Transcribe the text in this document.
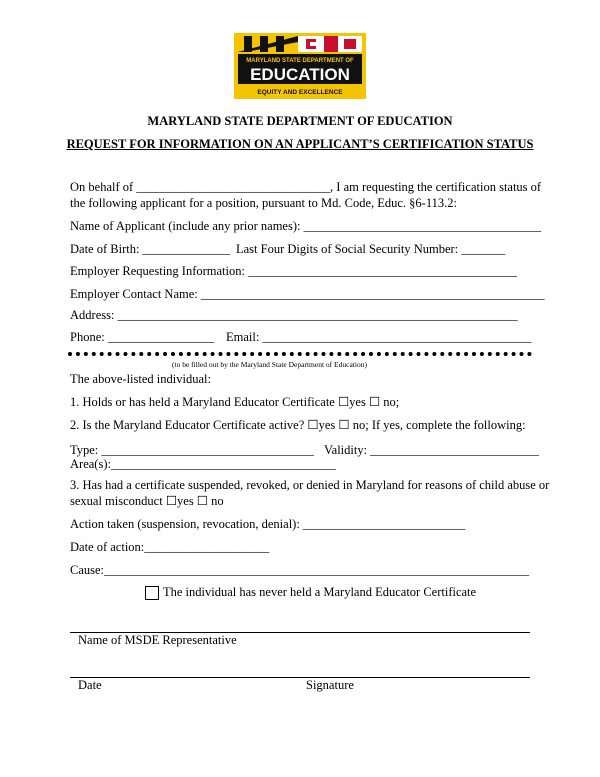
MARYLAND STATE DEPARTMENT OF
EDUCATION
EQUITY AND EXCELLENCE
MARYLAND STATE DEPARTMENT OF EDUCATION
REQUEST FOR INFORMATION ON AN APPLICANT’S CERTIFICATION STATUS
On behalf of _______________________________, I am requesting the certification status of
the following applicant for a position, pursuant to Md. Code, Educ. §6-113.2:
Name of Applicant (include any prior names): ______________________________________
Date of Birth: ______________ Last Four Digits of Social Security Number: _______
Employer Requesting Information: ___________________________________________
Employer Contact Name: _______________________________________________________
Address: ________________________________________________________________
Phone: _________________ Email: ___________________________________________
(to be filled out by the Maryland State Department of Education)
The above-listed individual:
1. Holds or has held a Maryland Educator Certificate ☐yes ☐ no;
2. Is the Maryland Educator Certificate active? ☐yes ☐ no; If yes, complete the following:
Type: __________________________________ Validity: ___________________________
Area(s):____________________________________
3. Has had a certificate suspended, revoked, or denied in Maryland for reasons of child abuse or
sexual misconduct ☐yes ☐ no
Action taken (suspension, revocation, denial): __________________________
Date of action:____________________
Cause:____________________________________________________________________
The individual has never held a Maryland Educator Certificate
Name of MSDE Representative
Date	Signature
